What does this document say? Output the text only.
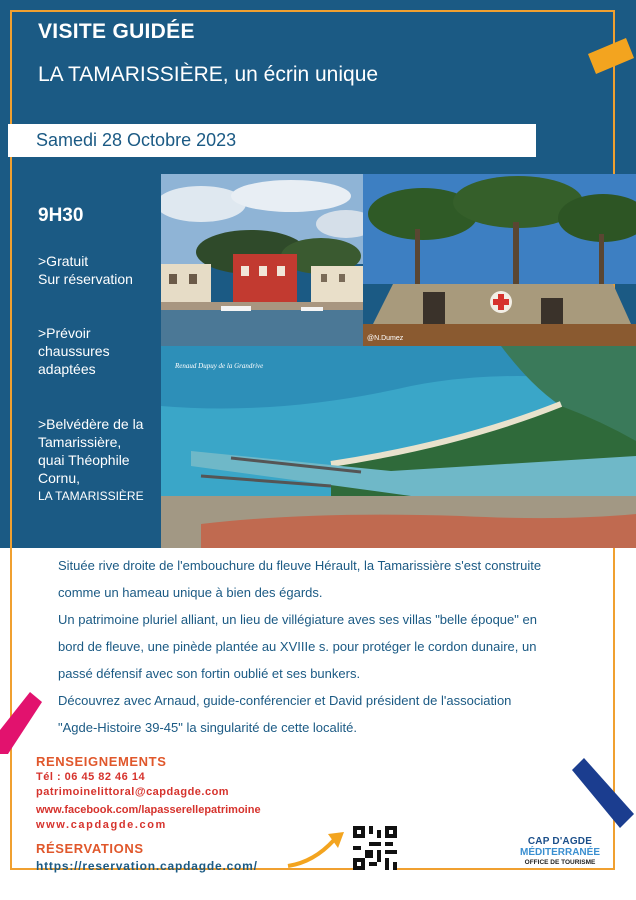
VISITE GUIDÉE
LA TAMARISSIÈRE, un écrin unique
Samedi 28 Octobre 2023
9H30
>Gratuit
Sur réservation
>Prévoir
chaussures
adaptées
>Belvédère de la
Tamarissière,
quai Théophile
Cornu,
LA TAMARISSIÈRE
@N.Dumez
Renaud Dupuy de la Grandrive

Située rive droite de l'embouchure du fleuve Hérault, la Tamarissière s'est construite

comme un hameau unique à bien des égards.

Un patrimoine pluriel alliant, un lieu de villégiature aves ses villas "belle époque" en

bord de fleuve, une pinède plantée au XVIIIe s. pour protéger le cordon dunaire, un

passé défensif avec son fortin oublié et ses bunkers.

Découvrez avec Arnaud, guide-conférencier et David président de l'association

"Agde-Histoire 39-45" la singularité de cette localité.

RENSEIGNEMENTS
Tél : 06 45 82 46 14
patrimoinelittoral@capdagde.com
www.facebook.com/lapasserellepatrimoine
www.capdagde.com
RÉSERVATIONS
https://reservation.capdagde.com/
CAP D'AGDE
MÉDITERRANÉE
OFFICE DE TOURISME
